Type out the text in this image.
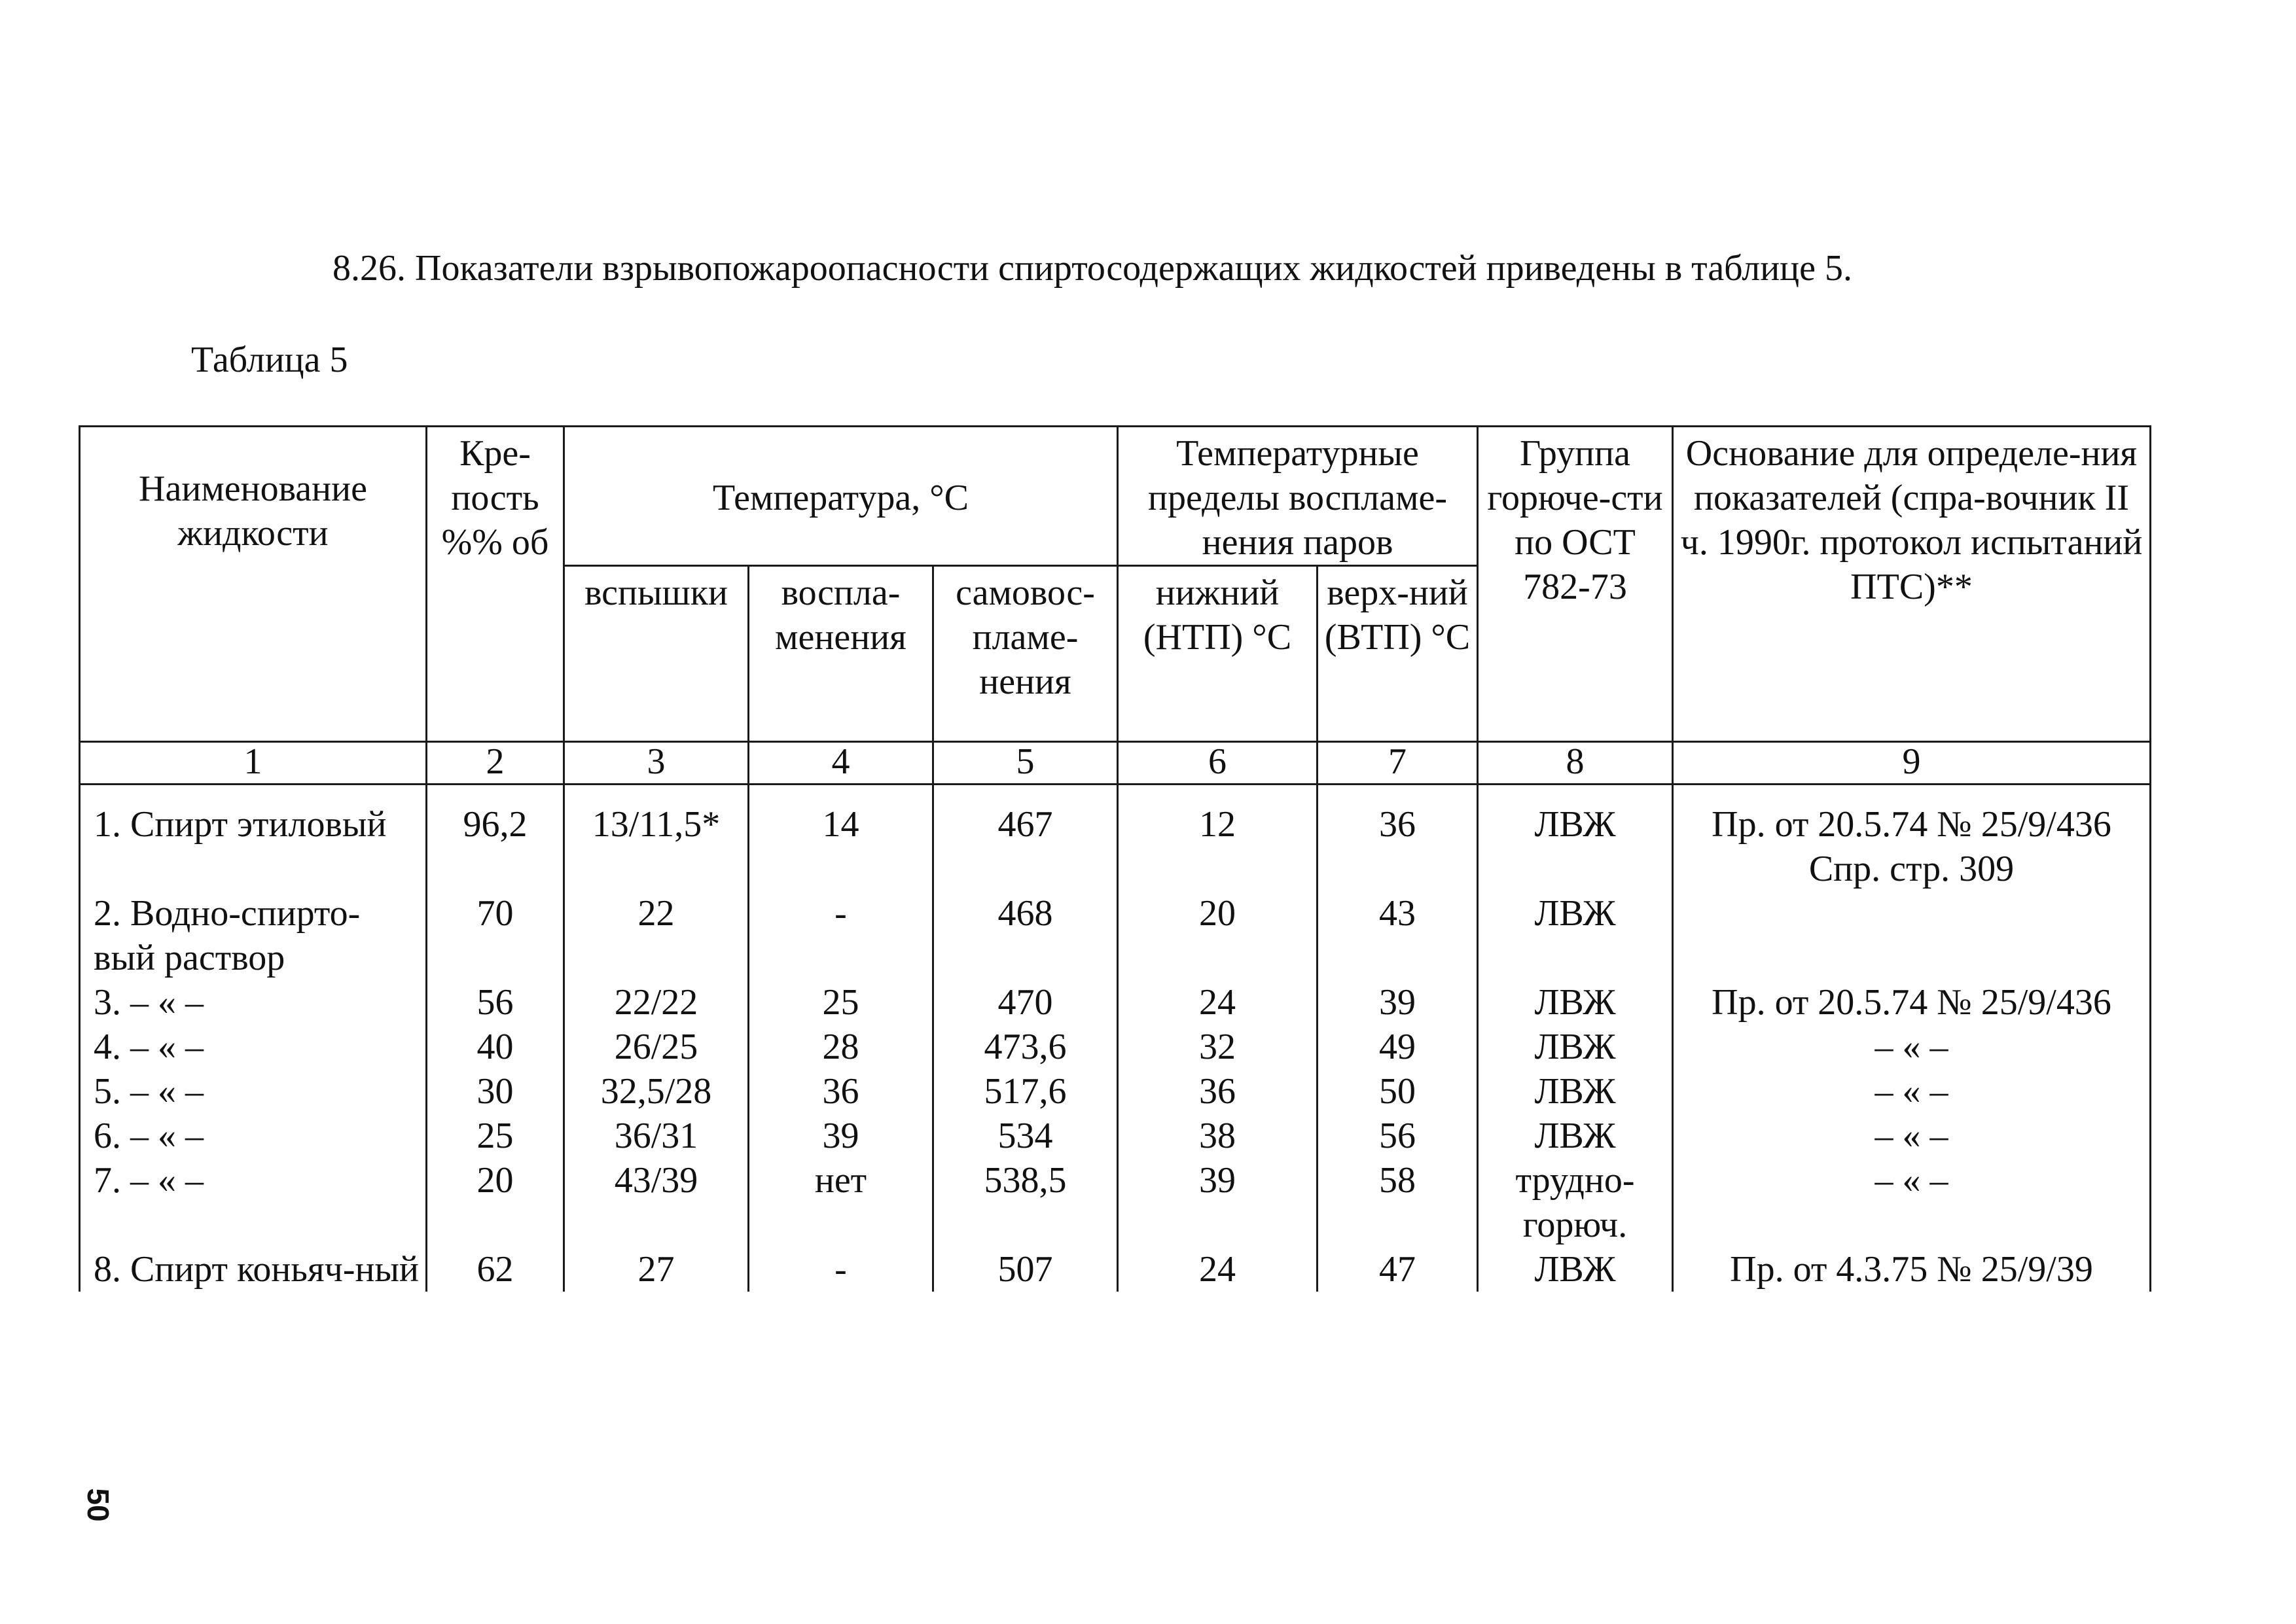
8.26. Показатели взрывопожароопасности спиртосодержащих жидкостей приведены в таблице 5.
Таблица 5
Наименование жидкости	Кре-пость %% об	Температура, °C			Температурные пределы воспламе-нения паров		Группа горюче-сти по ОСТ 782-73	Основание для определе-ния показателей (спра-вочник II ч. 1990г. протокол испытаний ПТС)**
		вспышки	воспла-менения	самовос-пламе-нения	нижний (НТП) °C	верх-ний (ВТП) °C		
1	2	3	4	5	6	7	8	9
1. Спирт этиловый	96,2	13/11,5*	14	467	12	36	ЛВЖ	Пр. от 20.5.74 № 25/9/436 Спр. стр. 309
2. Водно-спирто-вый раствор	70	22	-	468	20	43	ЛВЖ	
3. – « –	56	22/22	25	470	24	39	ЛВЖ	Пр. от 20.5.74 № 25/9/436
4. – « –	40	26/25	28	473,6	32	49	ЛВЖ	– « –
5. – « –	30	32,5/28	36	517,6	36	50	ЛВЖ	– « –
6. – « –	25	36/31	39	534	38	56	ЛВЖ	– « –
7. – « –	20	43/39	нет	538,5	39	58	трудно-горюч.	– « –
8. Спирт коньяч-ный	62	27	-	507	24	47	ЛВЖ	Пр. от 4.3.75 № 25/9/39
50
